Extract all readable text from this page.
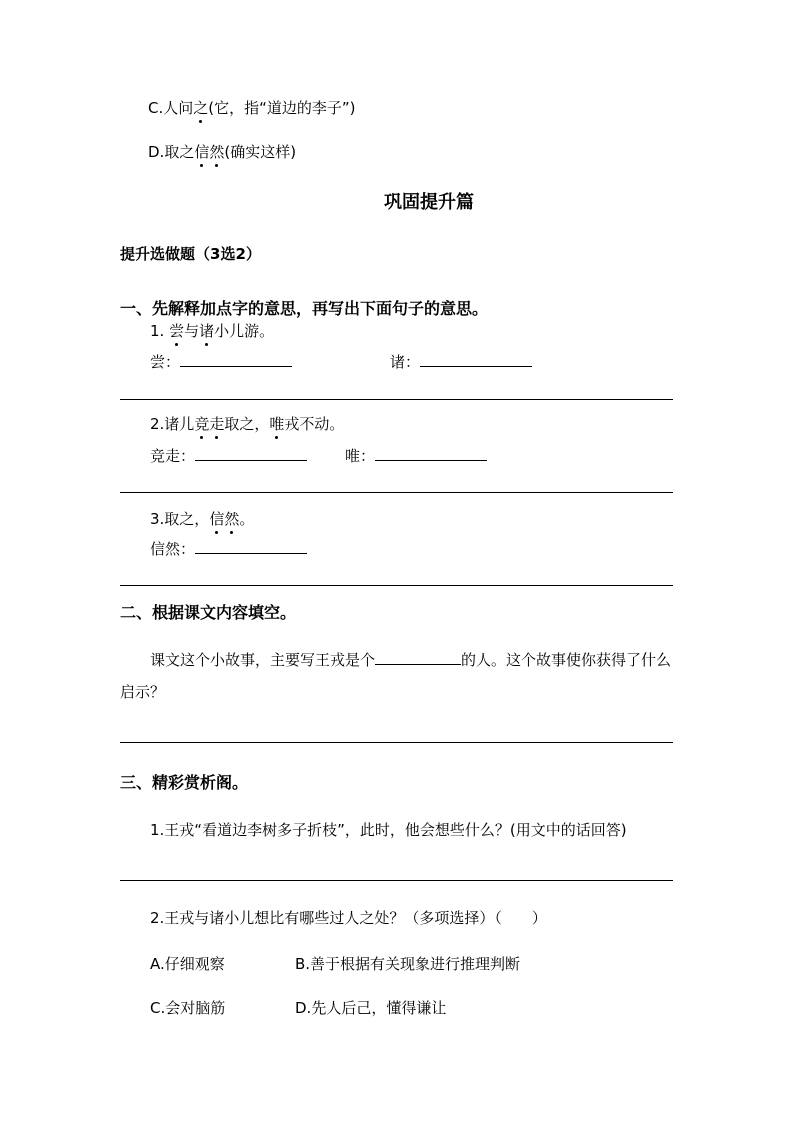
C.人问之(它，指“道边的李子”)
D.取之信然(确实这样)
巩固提升篇
提升选做题（3选2）
一、先解释加点字的意思，再写出下面句子的意思。
1. 尝与诸小儿游。
尝：	诸：
2.诸儿竞走取之，唯戎不动。
竞走：	唯：
3.取之，信然。
信然：
二、根据课文内容填空。
课文这个小故事，主要写王戎是个	的人。这个故事使你获得了什么启示？
三、精彩赏析阁。
1.王戎“看道边李树多子折枝”，此时，他会想些什么？(用文中的话回答)
2.王戎与诸小儿想比有哪些过人之处？（多项选择）（　　）
A.仔细观察	B.善于根据有关现象进行推理判断
C.会对脑筋	D.先人后己，懂得谦让
